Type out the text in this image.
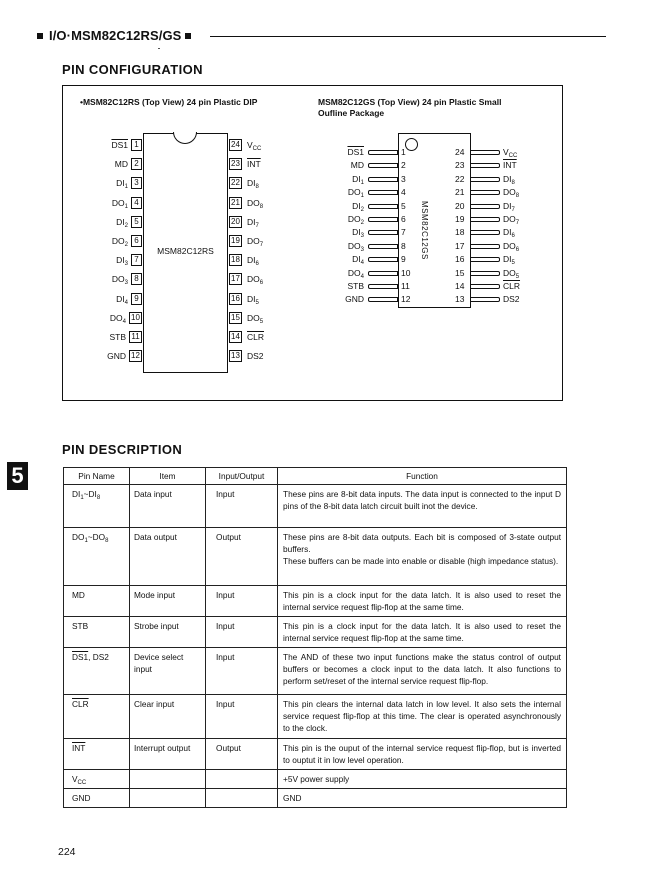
I/O·MSM82C12RS/GS
PIN CONFIGURATION
•MSM82C12RS (Top View) 24 pin Plastic DIP	MSM82C12GS (Top View) 24 pin Plastic Small
Oufline Package
MSM82C12RS
1
DS1
2
MD
3
$DI_1$
4
$DO_1$
5
$DI_2$
6
$DO_2$
7
$DI_3$
8
$DO_3$
9
$DI_4$
10
$DO_4$
11
STB
12
GND
24 $V_{CC}$
23 $\overline{INT}$
22 $DI_8$
21 $DO_8$
20 $DI_7$
19 $DO_7$
18 $DI_6$
17 $DO_6$
16 $DI_5$
15 $DO_5$
14 $\overline{CLR}$
13 DS2
MSM82C12GS
1
DS1
2
MD
3
$DI_1$
4
$DO_1$
5
$DI_2$
6
$DO_2$
7
$DI_3$
8
$DO_3$
9
$DI_4$
10
$DO_4$
11
STB
12
GND
24	$V_{CC}$
23	$\overline{INT}$
22	$DI_8$
21	$DO_8$
20	$DI_7$
19	$DO_7$
18	$DI_6$
17	$DO_6$
16	$DI_5$
15	$DO_5$
14	$\overline{CLR}$
13	DS2
5
PIN DESCRIPTION
Pin Name	Item	Input/Output	Function
$DI_1\sim DI_8$	Data input	Input	These pins are 8-bit data inputs. The data input is connected to the input D pins of the 8-bit data latch circuit built inot the device.

$DO_1\sim DO_8$	Data output	Output	These pins are 8-bit data outputs. Each bit is composed of 3-state output buffers.
These buffers can be made into enable or disable (high impedance status).

MD	Mode input	Input	This pin is a clock input for the data latch. It is also used to reset the internal service request flip-flop at the same time.

STB	Strobe input	Input	This pin is a clock input for the data latch. It is also used to reset the internal service request flip-flop at the same time.

DS1, DS2	Device select input	Input	The AND of these two input functions make the status control of output buffers or becomes a clock input to the data latch. It also functions to perform set/reset of the internal service request flip-flop.

$\overline{CLR}$	Clear input	Input	This pin clears the internal data latch in low level. It also sets the internal service request flip-flop at this time. The clear is operated asynchronously to the clock.

$\overline{INT}$	Interrupt output	Output	This pin is the ouput of the internal service request flip-flop, but is inverted to ouptut it in low level operation.

$V_{CC}$			+5V power supply

GND			GND
224
